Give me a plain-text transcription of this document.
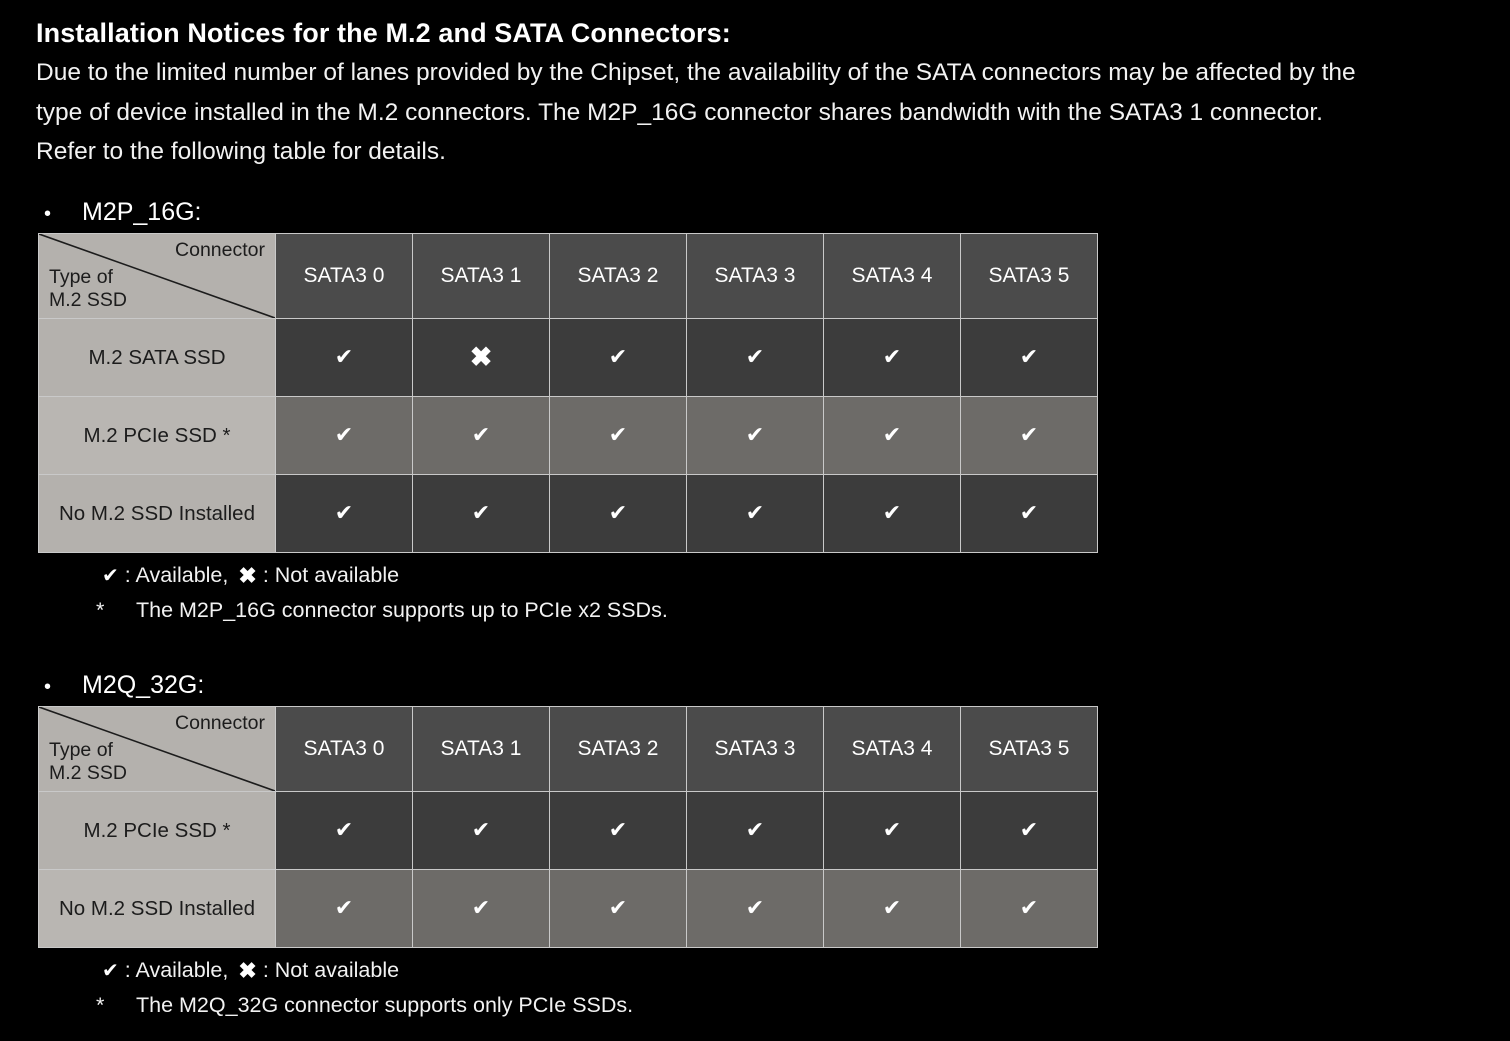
Installation Notices for the M.2 and SATA Connectors:
Due to the limited number of lanes provided by the Chipset, the availability of the SATA connectors may be affected by the type of device installed in the M.2 connectors. The M2P_16G connector shares bandwidth with the SATA3 1 connector. Refer to the following table for details.
•	M2P_16G:
Connector
Type of
M.2 SSD	SATA3 0	SATA3 1	SATA3 2	SATA3 3	SATA3 4	SATA3 5
M.2 SATA SSD	✔	✖	✔	✔	✔	✔
M.2 PCIe SSD *	✔	✔	✔	✔	✔	✔
No M.2 SSD Installed	✔	✔	✔	✔	✔	✔
✔ : Available, ✖ : Not available
*	The M2P_16G connector supports up to PCIe x2 SSDs.
•	M2Q_32G:
Connector
Type of
M.2 SSD	SATA3 0	SATA3 1	SATA3 2	SATA3 3	SATA3 4	SATA3 5
M.2 PCIe SSD *	✔	✔	✔	✔	✔	✔
No M.2 SSD Installed	✔	✔	✔	✔	✔	✔
✔ : Available, ✖ : Not available
*	The M2Q_32G connector supports only PCIe SSDs.
